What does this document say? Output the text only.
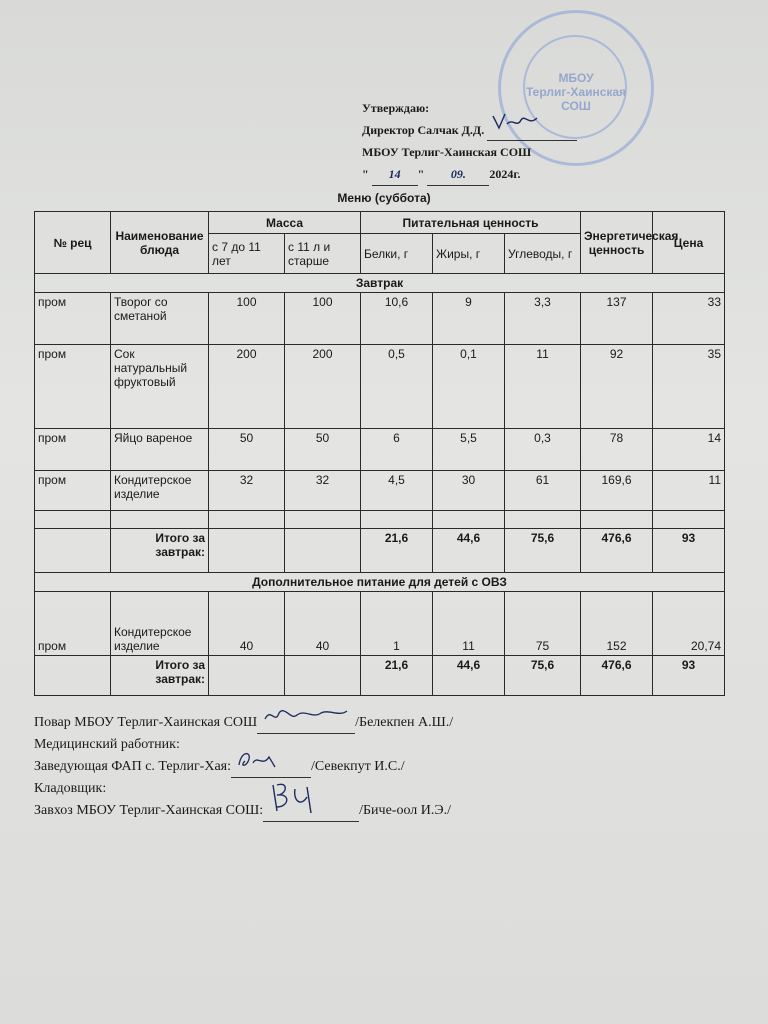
МБОУ
Терлиг-Хаинская
СОШ
Утверждаю:
Директор Салчак Д.Д.
МБОУ Терлиг-Хаинская СОШ
" 14 " 09. 2024г.
Меню (суббота)
№ рец	Наименование блюда	Масса		Питательная ценность			Энергетическая ценность	Цена
		с 7 до 11 лет	с 11 л и старше	Белки, г	Жиры, г	Углеводы, г		
Завтрак								
пром	Творог со сметаной	100	100	10,6	9	3,3	137	33
пром	Сок натуральный фруктовый	200	200	0,5	0,1	11	92	35
пром	Яйцо вареное	50	50	6	5,5	0,3	78	14
пром	Кондитерское изделие	32	32	4,5	30	61	169,6	11

	Итого за завтрак:			21,6	44,6	75,6	476,6	93
Дополнительное питание для детей с ОВЗ								
пром	Кондитерское изделие	40	40	1	11	75	152	20,74
	Итого за завтрак:			21,6	44,6	75,6	476,6	93
Повар МБОУ Терлиг-Хаинская СОШ	/Белекпен А.Ш./
Медицинский работник:
Заведующая ФАП с. Терлиг-Хая:	/Севекпут И.С./
Кладовщик:
Завхоз МБОУ Терлиг-Хаинская СОШ:	/Биче-оол И.Э./
